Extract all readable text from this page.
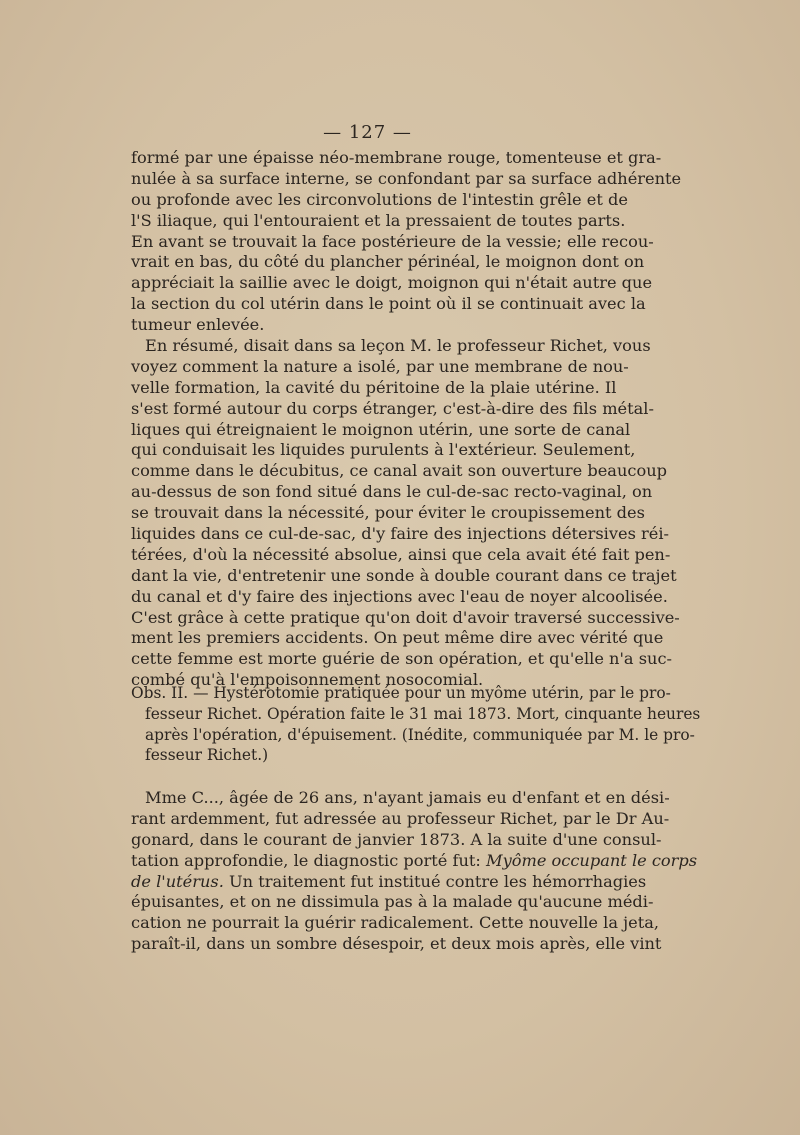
— 127 —
formé par une épaisse néo-membrane rouge, tomenteuse et gra-
nulée à sa surface interne, se confondant par sa surface adhérente
ou profonde avec les circonvolutions de l'intestin grêle et de
l'S iliaque, qui l'entouraient et la pressaient de toutes parts.
En avant se trouvait la face postérieure de la vessie; elle recou-
vrait en bas, du côté du plancher périnéal, le moignon dont on
appréciait la saillie avec le doigt, moignon qui n'était autre que
la section du col utérin dans le point où il se continuait avec la
tumeur enlevée.
En résumé, disait dans sa leçon M. le professeur Richet, vous
voyez comment la nature a isolé, par une membrane de nou-
velle formation, la cavité du péritoine de la plaie utérine. Il
s'est formé autour du corps étranger, c'est-à-dire des fils métal-
liques qui étreignaient le moignon utérin, une sorte de canal
qui conduisait les liquides purulents à l'extérieur. Seulement,
comme dans le décubitus, ce canal avait son ouverture beaucoup
au-dessus de son fond situé dans le cul-de-sac recto-vaginal, on
se trouvait dans la nécessité, pour éviter le croupissement des
liquides dans ce cul-de-sac, d'y faire des injections détersives réi-
térées, d'où la nécessité absolue, ainsi que cela avait été fait pen-
dant la vie, d'entretenir une sonde à double courant dans ce trajet
du canal et d'y faire des injections avec l'eau de noyer alcoolisée.
C'est grâce à cette pratique qu'on doit d'avoir traversé successive-
ment les premiers accidents. On peut même dire avec vérité que
cette femme est morte guérie de son opération, et qu'elle n'a suc-
combé qu'à l'empoisonnement nosocomial.
Obs. II. — Hystérotomie pratiquée pour un myôme utérin, par le pro-
fesseur Richet. Opération faite le 31 mai 1873. Mort, cinquante heures
après l'opération, d'épuisement. (Inédite, communiquée par M. le pro-
fesseur Richet.)
Mme C..., âgée de 26 ans, n'ayant jamais eu d'enfant et en dési-
rant ardemment, fut adressée au professeur Richet, par le Dr Au-
gonard, dans le courant de janvier 1873. A la suite d'une consul-
tation approfondie, le diagnostic porté fut: Myôme occupant le corps
de l'utérus. Un traitement fut institué contre les hémorrhagies
épuisantes, et on ne dissimula pas à la malade qu'aucune médi-
cation ne pourrait la guérir radicalement. Cette nouvelle la jeta,
paraît-il, dans un sombre désespoir, et deux mois après, elle vint
